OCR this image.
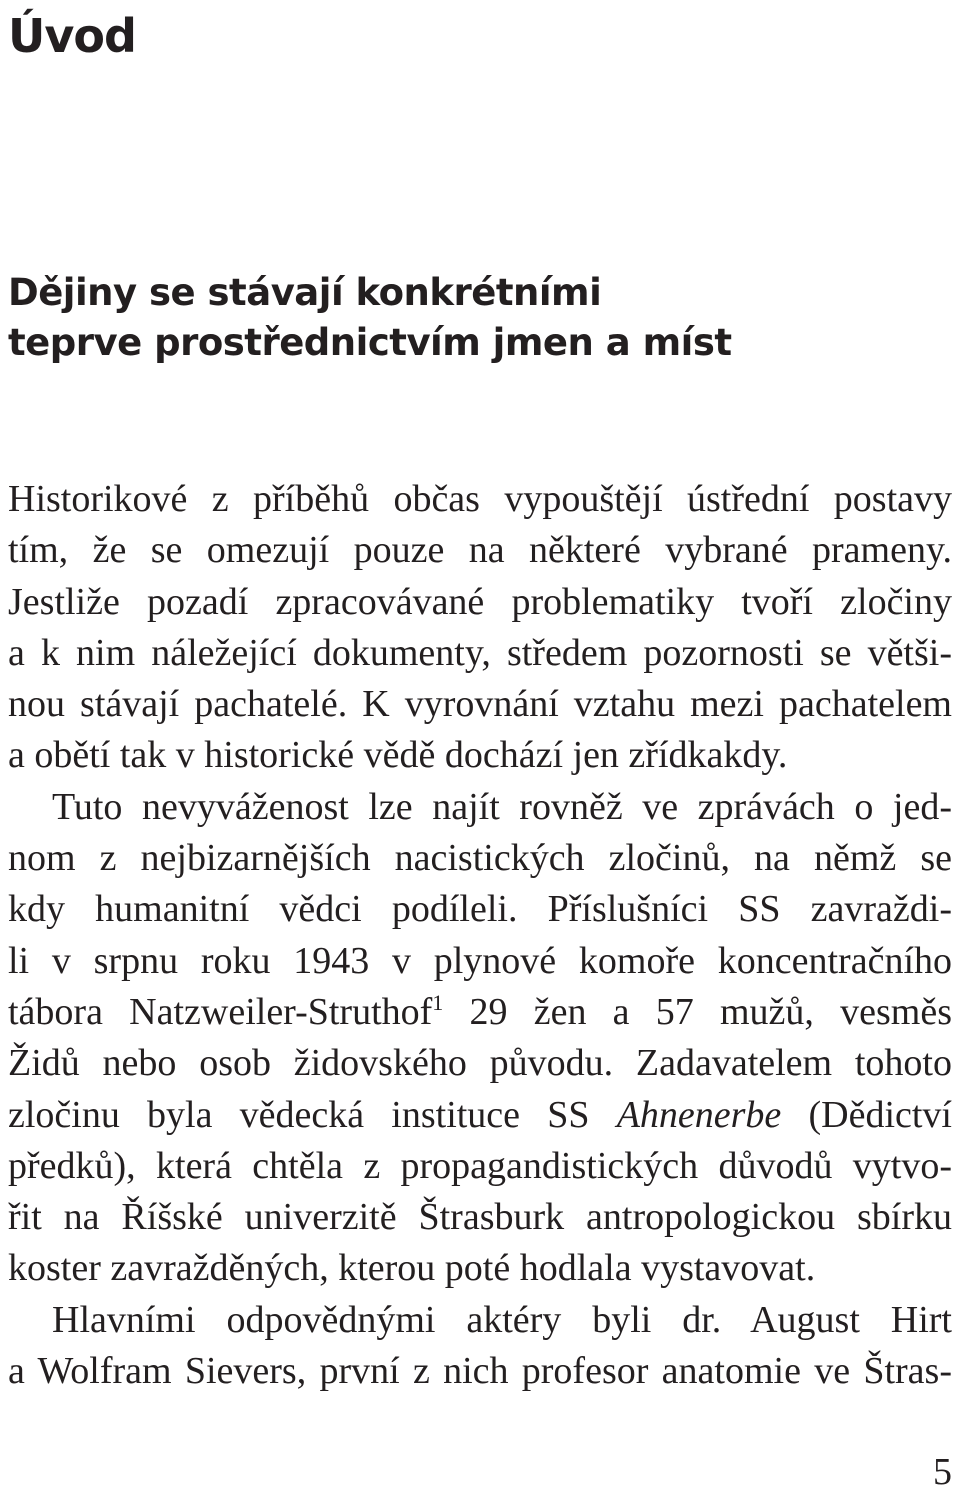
Úvod
Dějiny se stávají konkrétními
teprve prostřednictvím jmen a míst
Historikové z příběhů občas vypouštějí ústřední postavy
tím, že se omezují pouze na některé vybrané prameny.
Jestliže pozadí zpracovávané problematiky tvoří zločiny
a k nim náležející dokumenty, středem pozornosti se větši-
nou stávají pachatelé. K vyrovnání vztahu mezi pachatelem
a obětí tak v historické vědě dochází jen zřídkakdy.
Tuto nevyváženost lze najít rovněž ve zprávách o jed-
nom z nejbizarnějších nacistických zločinů, na němž se
kdy humanitní vědci podíleli. Příslušníci SS zavraždi-
li v srpnu roku 1943 v plynové komoře koncentračního
tábora Natzweiler-Struthof$^1$ 29 žen a 57 mužů, vesměs
Židů nebo osob židovského původu. Zadavatelem tohoto
zločinu byla vědecká instituce SS Ahnenerbe (Dědictví
předků), která chtěla z propagandistických důvodů vytvo-
řit na Říšské univerzitě Štrasburk antropologickou sbírku
koster zavražděných, kterou poté hodlala vystavovat.
Hlavními odpovědnými aktéry byli dr. August Hirt
a Wolfram Sievers, první z nich profesor anatomie ve Štras-
5
